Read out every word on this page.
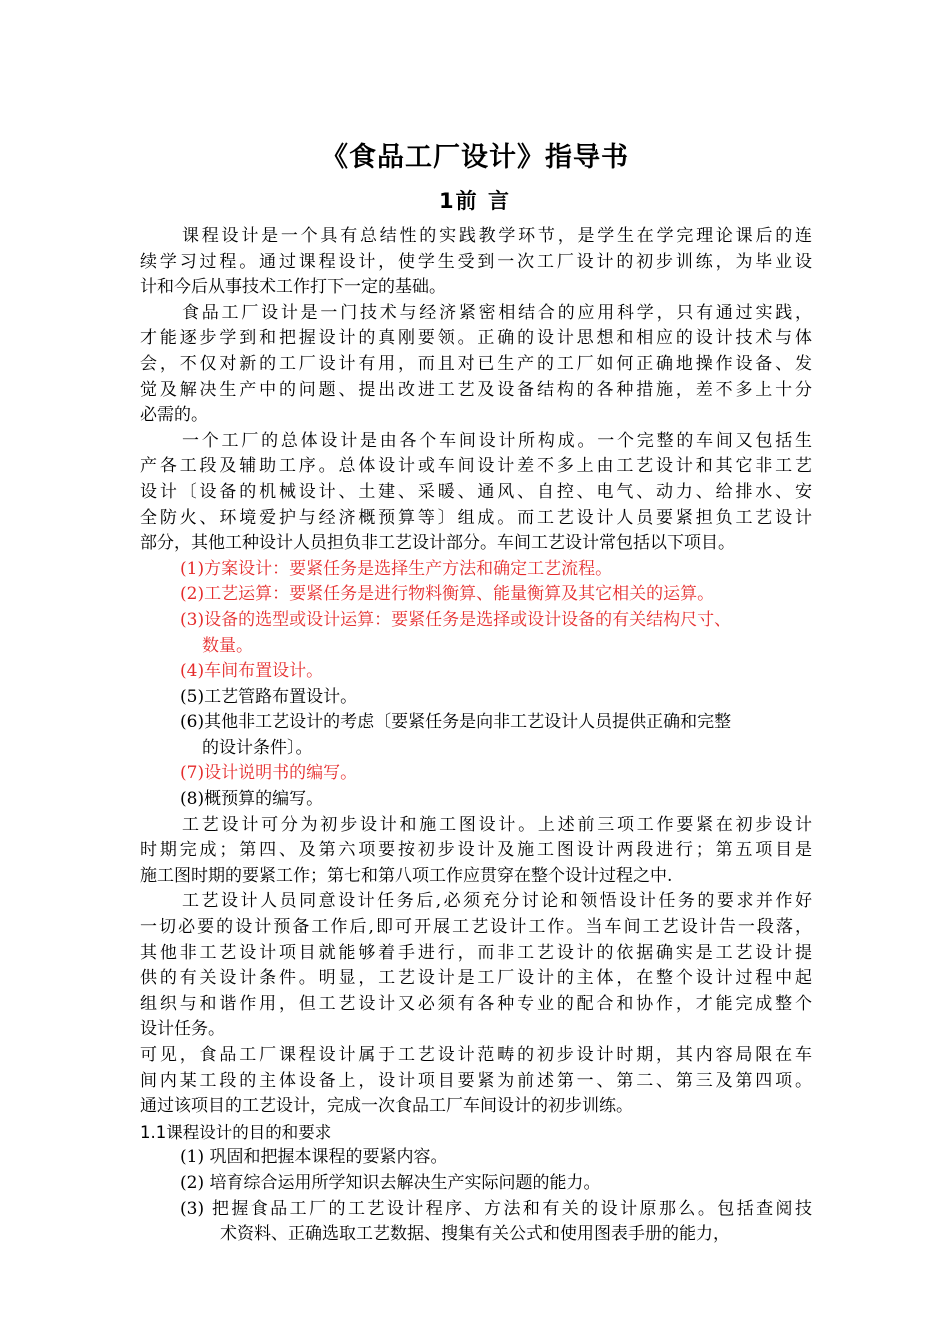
《食品工厂设计》指导书
1前 言
课程设计是一个具有总结性的实践教学环节，是学生在学完理论课后的连
续学习过程。通过课程设计，使学生受到一次工厂设计的初步训练，为毕业设
计和今后从事技术工作打下一定的基础。
食品工厂设计是一门技术与经济紧密相结合的应用科学，只有通过实践，
才能逐步学到和把握设计的真刚要领。正确的设计思想和相应的设计技术与体
会，不仅对新的工厂设计有用，而且对已生产的工厂如何正确地操作设备、发
觉及解决生产中的问题、提出改进工艺及设备结构的各种措施，差不多上十分
必需的。
一个工厂的总体设计是由各个车间设计所构成。一个完整的车间又包括生
产各工段及辅助工序。总体设计或车间设计差不多上由工艺设计和其它非工艺
设计〔设备的机械设计、土建、采暖、通风、自控、电气、动力、给排水、安
全防火、环境爱护与经济概预算等〕组成。而工艺设计人员要紧担负工艺设计
部分，其他工种设计人员担负非工艺设计部分。车间工艺设计常包括以下项目。
(1)方案设计：要紧任务是选择生产方法和确定工艺流程。
(2)工艺运算：要紧任务是进行物料衡算、能量衡算及其它相关的运算。
(3)设备的选型或设计运算：要紧任务是选择或设计设备的有关结构尺寸、
数量。
(4)车间布置设计。
(5)工艺管路布置设计。
(6)其他非工艺设计的考虑〔要紧任务是向非工艺设计人员提供正确和完整
的设计条件〕。
(7)设计说明书的编写。
(8)概预算的编写。
工艺设计可分为初步设计和施工图设计。上述前三项工作要紧在初步设计
时期完成；第四、及第六项要按初步设计及施工图设计两段进行；第五项目是
施工图时期的要紧工作；第七和第八项工作应贯穿在整个设计过程之中.
工艺设计人员同意设计任务后,必须充分讨论和领悟设计任务的要求并作好
一切必要的设计预备工作后,即可开展工艺设计工作。当车间工艺设计告一段落，
其他非工艺设计项目就能够着手进行，而非工艺设计的依据确实是工艺设计提
供的有关设计条件。明显，工艺设计是工厂设计的主体，在整个设计过程中起
组织与和谐作用，但工艺设计又必须有各种专业的配合和协作，才能完成整个
设计任务。
可见，食品工厂课程设计属于工艺设计范畴的初步设计时期，其内容局限在车
间内某工段的主体设备上，设计项目要紧为前述第一、第二、第三及第四项。
通过该项目的工艺设计，完成一次食品工厂车间设计的初步训练。
1.1课程设计的目的和要求
(1) 巩固和把握本课程的要紧内容。
(2) 培育综合运用所学知识去解决生产实际问题的能力。
(3) 把握食品工厂的工艺设计程序、方法和有关的设计原那么。包括查阅技
术资料、正确选取工艺数据、搜集有关公式和使用图表手册的能力，
